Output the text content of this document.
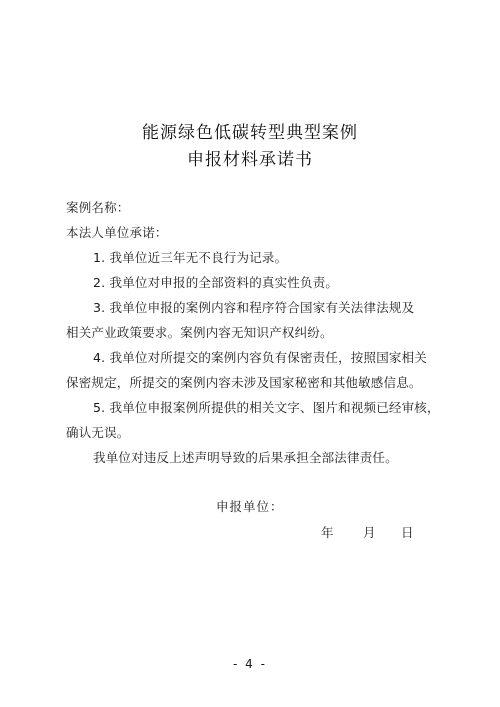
能源绿色低碳转型典型案例
申报材料承诺书
案例名称：
本法人单位承诺：
1. 我单位近三年无不良行为记录。
2. 我单位对申报的全部资料的真实性负责。
3. 我单位申报的案例内容和程序符合国家有关法律法规及
相关产业政策要求。案例内容无知识产权纠纷。
4. 我单位对所提交的案例内容负有保密责任，按照国家相关
保密规定，所提交的案例内容未涉及国家秘密和其他敏感信息。
5. 我单位申报案例所提供的相关文字、图片和视频已经审核，
确认无误。
我单位对违反上述声明导致的后果承担全部法律责任。
申报单位：
年 月 日
- 4 -
